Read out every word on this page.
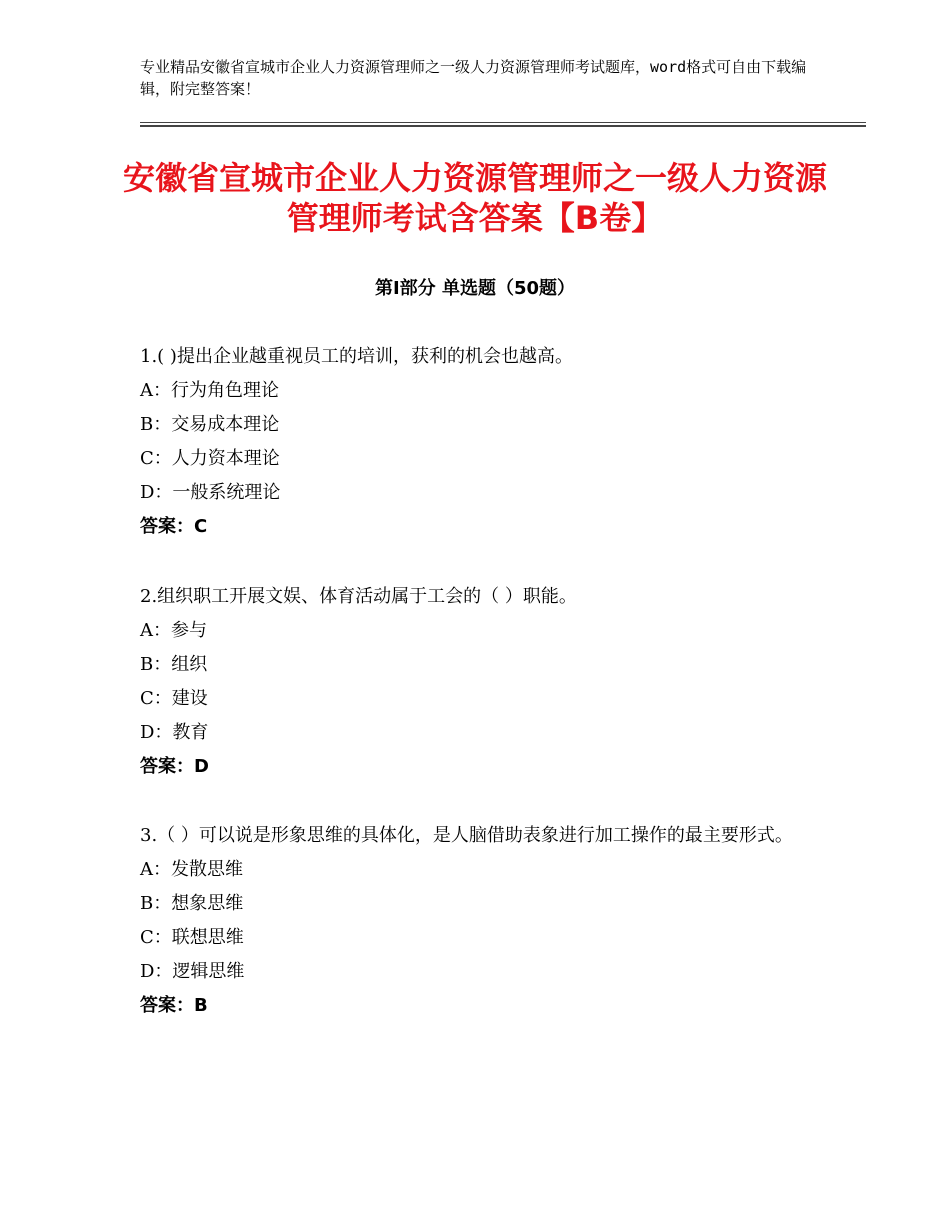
专业精品安徽省宣城市企业人力资源管理师之一级人力资源管理师考试题库，word格式可自由下载编辑，附完整答案！
安徽省宣城市企业人力资源管理师之一级人力资源管理师考试含答案【B卷】
第Ⅰ部分 单选题（50题）
1.( )提出企业越重视员工的培训，获利的机会也越高。
A：行为角色理论
B：交易成本理论
C：人力资本理论
D：一般系统理论
答案：C
2.组织职工开展文娱、体育活动属于工会的（ ）职能。
A：参与
B：组织
C：建设
D：教育
答案：D
3.（ ）可以说是形象思维的具体化，是人脑借助表象进行加工操作的最主要形式。
A：发散思维
B：想象思维
C：联想思维
D：逻辑思维
答案：B
